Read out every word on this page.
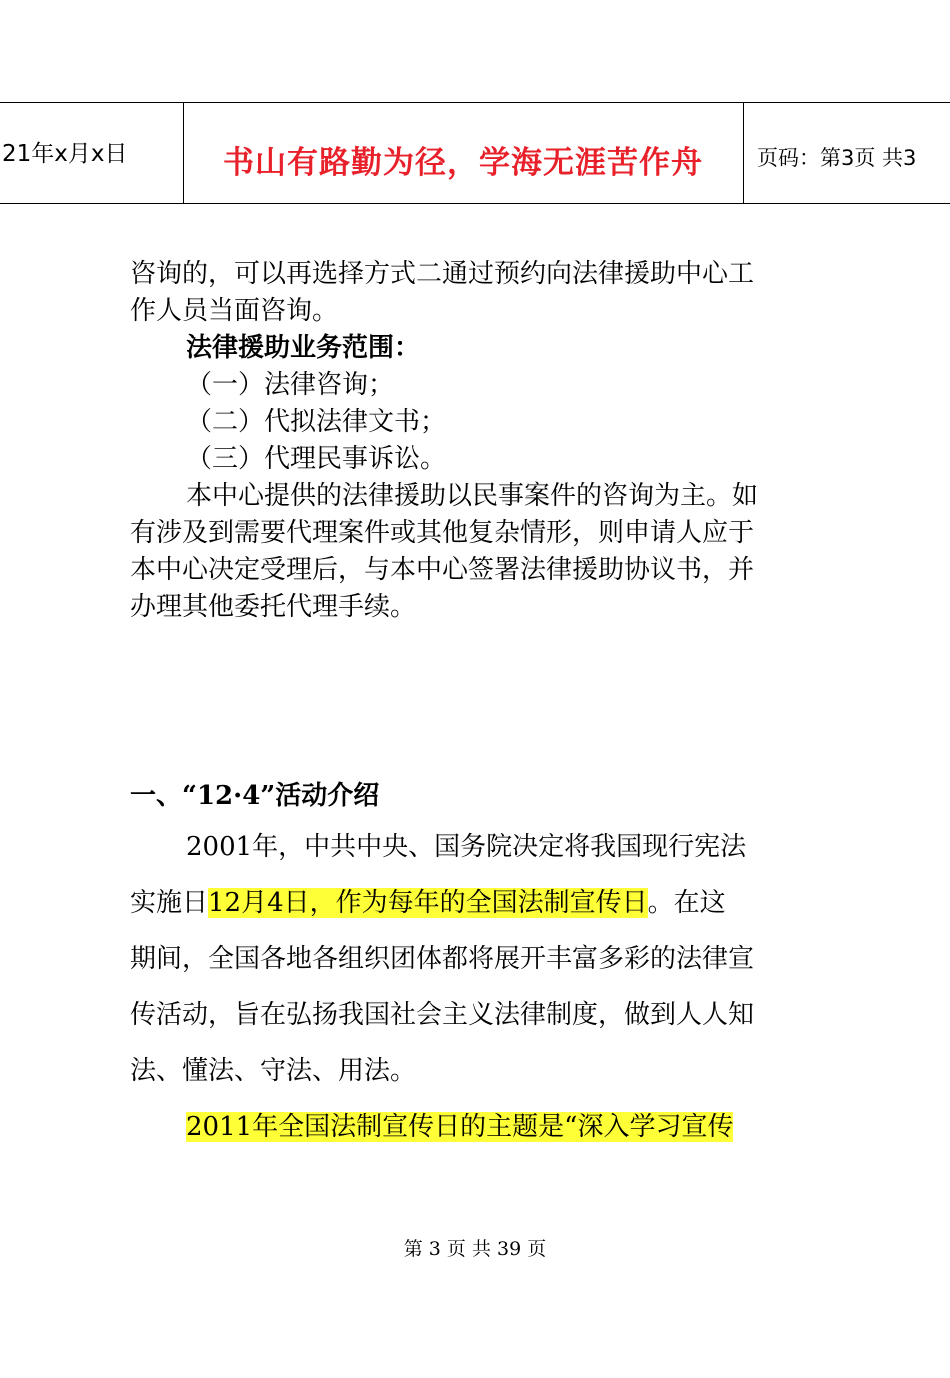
21年x月x日	书山有路勤为径，学海无涯苦作舟	页码：第3页 共3
咨询的，可以再选择方式二通过预约向法律援助中心工
作人员当面咨询。
法律援助业务范围：
（一）法律咨询；
（二）代拟法律文书；
（三）代理民事诉讼。
本中心提供的法律援助以民事案件的咨询为主。如
有涉及到需要代理案件或其他复杂情形，则申请人应于
本中心决定受理后，与本中心签署法律援助协议书，并
办理其他委托代理手续。
一、“12·4”活动介绍
2001年，中共中央、国务院决定将我国现行宪法
实施日12月4日，作为每年的全国法制宣传日。在这
期间，全国各地各组织团体都将展开丰富多彩的法律宣
传活动，旨在弘扬我国社会主义法律制度，做到人人知
法、懂法、守法、用法。
2011年全国法制宣传日的主题是“深入学习宣传
第 3 页 共 39 页
